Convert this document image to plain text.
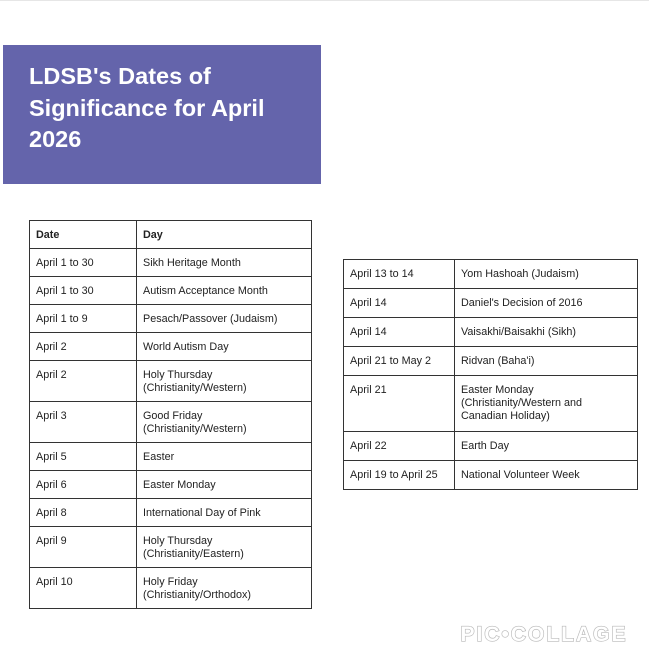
LDSB's Dates of Significance for April 2026
Date	Day
April 1 to 30	Sikh Heritage Month
April 1 to 30	Autism Acceptance Month
April 1 to 9	Pesach/Passover (Judaism)
April 2	World Autism Day
April 2	Holy Thursday (Christianity/Western)
April 3	Good Friday (Christianity/Western)
April 5	Easter
April 6	Easter Monday
April 8	International Day of Pink
April 9	Holy Thursday (Christianity/Eastern)
April 10	Holy Friday (Christianity/Orthodox)
April 13 to 14	Yom Hashoah (Judaism)
April 14	Daniel's Decision of 2016
April 14	Vaisakhi/Baisakhi (Sikh)
April 21 to May 2	Ridvan (Baha'i)
April 21	Easter Monday (Christianity/Western and Canadian Holiday)
April 22	Earth Day
April 19 to April 25	National Volunteer Week
PIC•COLLAGE
